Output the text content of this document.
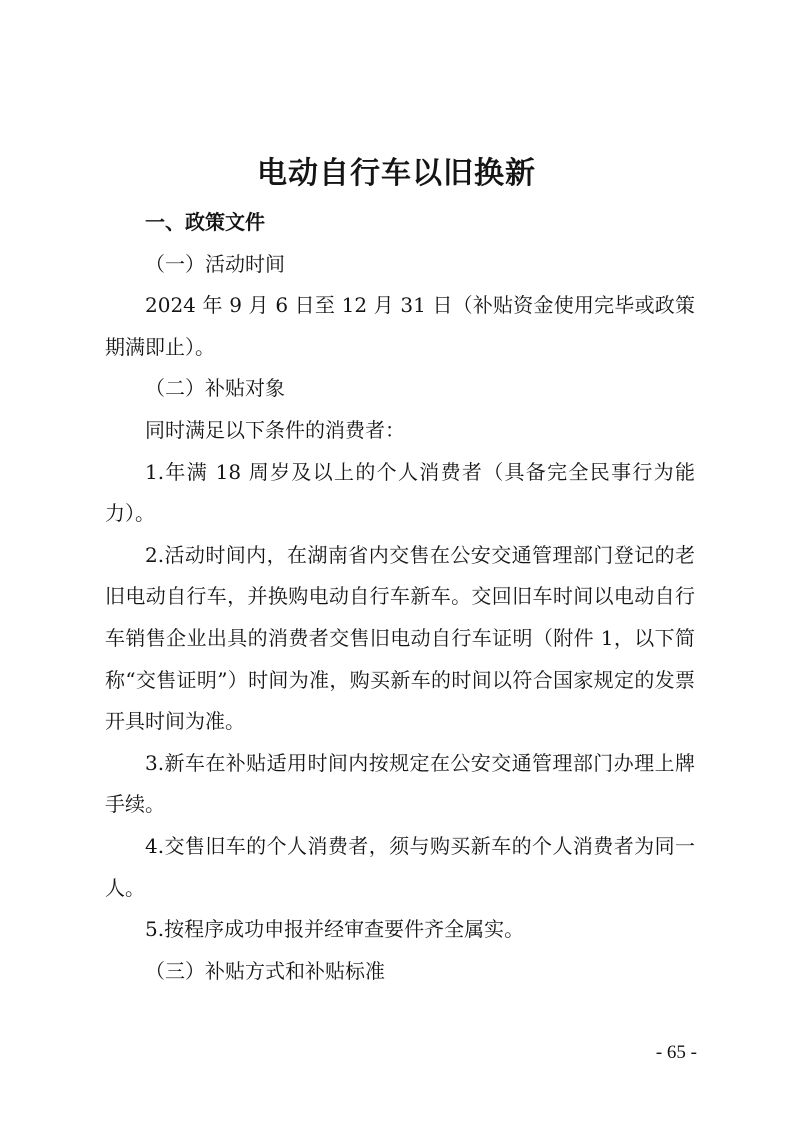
电动自行车以旧换新

一、政策文件

（一）活动时间

2024 年 9 月 6 日至 12 月 31 日（补贴资金使用完毕或政策期满即止）。

（二）补贴对象

同时满足以下条件的消费者：

1.年满 18 周岁及以上的个人消费者（具备完全民事行为能力）。

2.活动时间内，在湖南省内交售在公安交通管理部门登记的老旧电动自行车，并换购电动自行车新车。交回旧车时间以电动自行车销售企业出具的消费者交售旧电动自行车证明（附件 1，以下简称“交售证明”）时间为准，购买新车的时间以符合国家规定的发票开具时间为准。

3.新车在补贴适用时间内按规定在公安交通管理部门办理上牌手续。

4.交售旧车的个人消费者，须与购买新车的个人消费者为同一人。

5.按程序成功申报并经审查要件齐全属实。

（三）补贴方式和补贴标准

- 65 -
